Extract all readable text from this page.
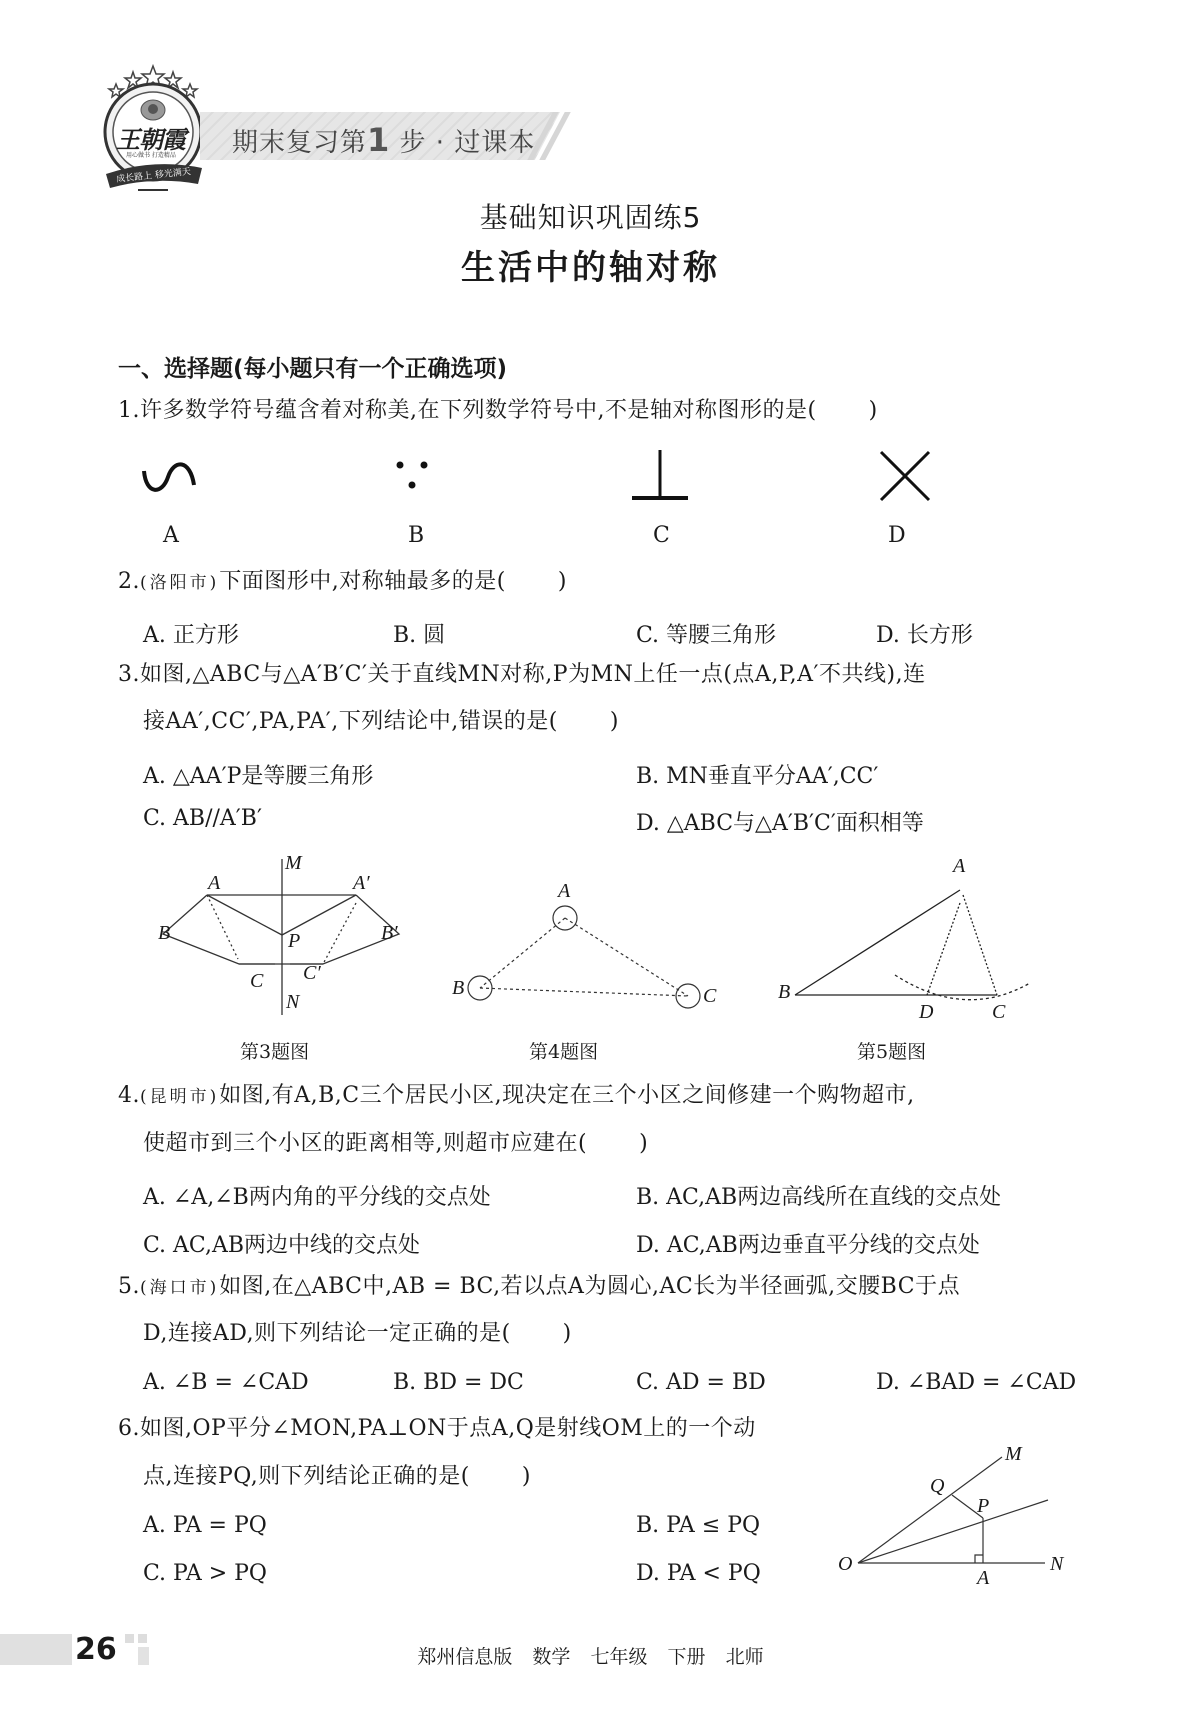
王朝霞
用心做书 打造精品
成长路上 移光满天
期末复习第1 步 · 过课本
基础知识巩固练5
生活中的轴对称
一、选择题(每小题只有一个正确选项)
1.许多数学符号蕴含着对称美,在下列数学符号中,不是轴对称图形的是( )
A	B	C	D
2.(洛阳市)下面图形中,对称轴最多的是( )
A. 正方形	B. 圆	C. 等腰三角形	D. 长方形
3.如图,△ABC与△A′B′C′关于直线MN对称,P为MN上任一点(点A,P,A′不共线),连
接AA′,CC′,PA,PA′,下列结论中,错误的是( )
A. △AA′P是等腰三角形	B. MN垂直平分AA′,CC′
C. AB//A′B′	D. △ABC与△A′B′C′面积相等
M
A	A′
B	B′
P
C C′
N
第3题图
A
B	C
第4题图
A
B
D	C
第5题图
4.(昆明市)如图,有A,B,C三个居民小区,现决定在三个小区之间修建一个购物超市,
使超市到三个小区的距离相等,则超市应建在( )
A. ∠A,∠B两内角的平分线的交点处	B. AC,AB两边高线所在直线的交点处
C. AC,AB两边中线的交点处	D. AC,AB两边垂直平分线的交点处
5.(海口市)如图,在△ABC中,AB = BC,若以点A为圆心,AC长为半径画弧,交腰BC于点
D,连接AD,则下列结论一定正确的是( )
A. ∠B = ∠CAD	B. BD = DC	C. AD = BD	D. ∠BAD = ∠CAD
6.如图,OP平分∠MON,PA⊥ON于点A,Q是射线OM上的一个动
点,连接PQ,则下列结论正确的是( )
A. PA = PQ	B. PA ≤ PQ
C. PA > PQ	D. PA < PQ
M
Q
P
O
A
N
26	郑州信息版 数学 七年级 下册 北师
